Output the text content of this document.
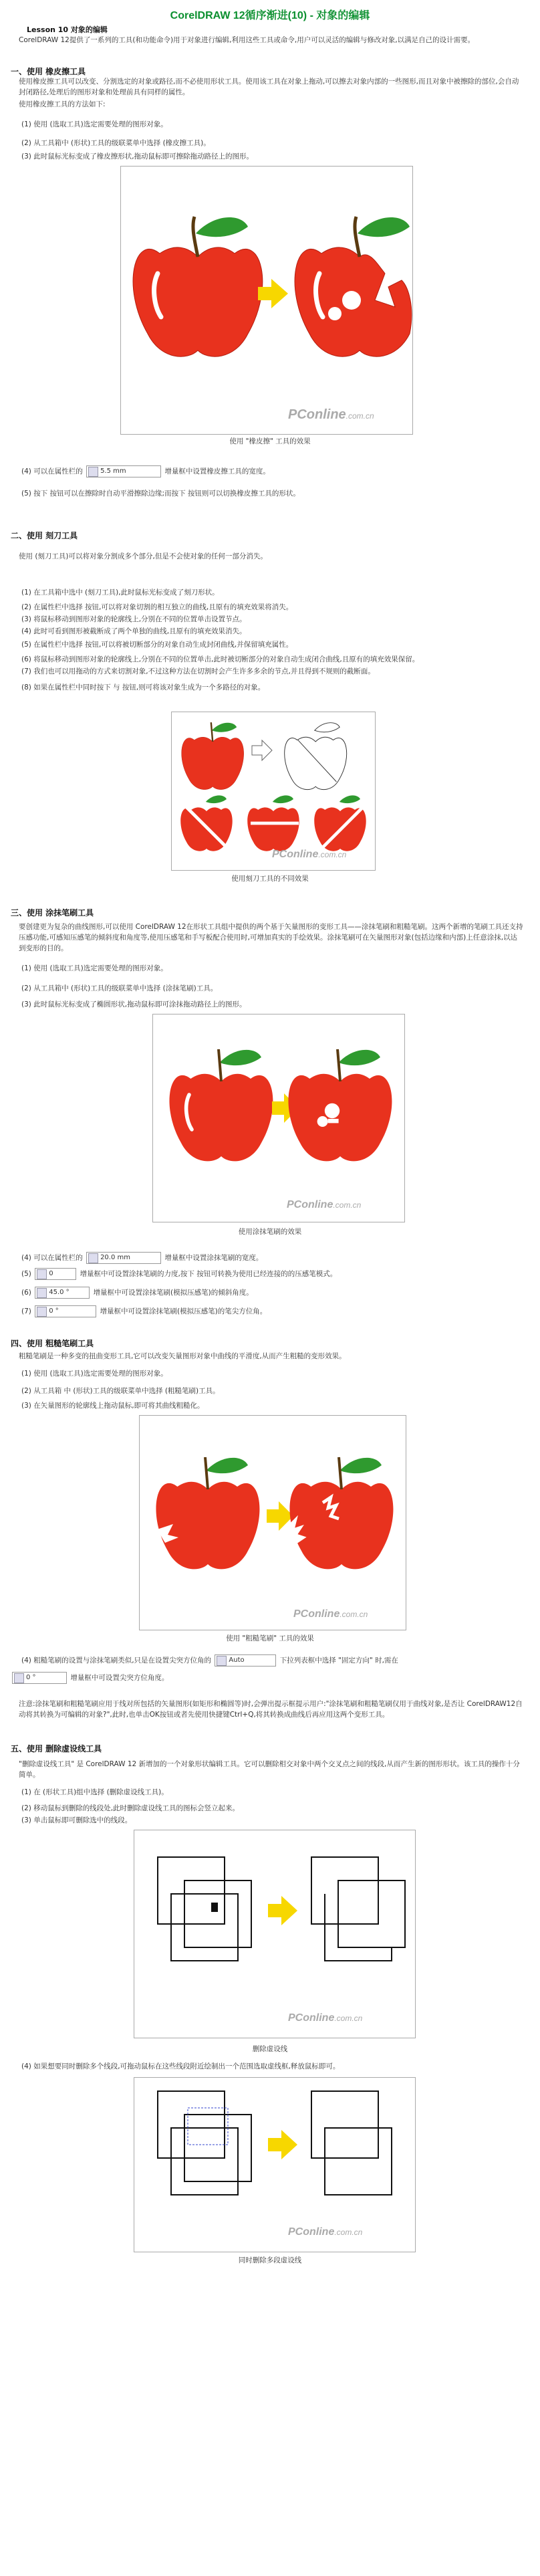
CorelDRAW 12循序渐进(10) - 对象的编辑
Lesson 10 对象的编辑
CorelDRAW 12提供了一系列的工具(和功能命令)用于对象进行编辑,利用这些工具或命令,用户可以灵活的编辑与修改对象,以满足自己的设计需要。
一、使用 橡皮擦工具
使用橡皮擦工具可以改变、分割选定的对象或路径,而不必使用形状工具。使用该工具在对象上拖动,可以擦去对象内部的一些图形,而且对象中被擦除的部位,会自动封闭路径,处理后的图形对象和处理前具有同样的属性。
使用橡皮擦工具的方法如下:
(1) 使用 (选取工具)选定需要处理的图形对象。
(2) 从工具箱中 (形状)工具的级联菜单中选择 (橡皮擦工具)。
(3) 此时鼠标光标变成了橡皮擦形状,拖动鼠标即可擦除拖动路径上的图形。
PConline.com.cn
使用 "橡皮擦" 工具的效果
(4) 可以在属性栏的	5.5 mm	增量框中设置橡皮擦工具的宽度。
(5) 按下 按钮可以在擦除时自动平滑擦除边缘;而按下 按钮则可以切换橡皮擦工具的形状。
二、使用 刻刀工具
使用 (刻刀工具)可以将对象分割成多个部分,但是不会使对象的任何一部分消失。
(1) 在工具箱中选中 (刻刀工具),此时鼠标光标变成了刻刀形状。
(2) 在属性栏中选择 按钮,可以将对象切割的相互独立的曲线,且原有的填充效果将消失。
(3) 将鼠标移动到图形对象的轮廓线上,分别在不同的位置单击设置节点。
(4) 此时可看到图形被截断成了两个单独的曲线,且原有的填充效果消失。
(5) 在属性栏中选择 按钮,可以将被切断部分的对象自动生成封闭曲线,并保留填充属性。
(6) 将鼠标移动到图形对象的轮廓线上,分别在不同的位置单击,此时被切断部分的对象自动生成闭合曲线,且原有的填充效果保留。
(7) 我们也可以用拖动的方式来切割对象,不过这种方法在切割时会产生许多多余的节点,并且得到不规则的截断面。
(8) 如果在属性栏中同时按下 与 按钮,则可将该对象生成为一个多路径的对象。
PConline.com.cn
使用刻刀工具的不同效果
三、使用 涂抹笔刷工具
要创建更为复杂的曲线图形,可以使用 CorelDRAW 12在形状工具组中提供的两个基于矢量图形的变形工具——涂抹笔刷和粗糙笔刷。这两个新增的笔刷工具还支持压感功能,可感知压感笔的倾斜度和角度等,使用压感笔和手写板配合使用时,可增加真实的手绘效果。涂抹笔刷可在矢量图形对象(包括边缘和内部)上任意涂抹,以达到变形的目的。
(1) 使用 (选取工具)选定需要处理的图形对象。
(2) 从工具箱中 (形状)工具的级联菜单中选择 (涂抹笔刷)工具。
(3) 此时鼠标光标变成了椭圆形状,拖动鼠标即可涂抹拖动路径上的图形。
PConline.com.cn
使用涂抹笔刷的效果
(4) 可以在属性栏的	20.0 mm	增量框中设置涂抹笔刷的宽度。
(5)	0	增量框中可设置涂抹笔刷的力度,按下 按钮可转换为使用已经连接的的压感笔模式。
(6)	45.0 °	增量框中可设置涂抹笔刷(模拟压感笔)的倾斜角度。
(7)	0 °	增量框中可设置涂抹笔刷(模拟压感笔)的笔尖方位角。
四、使用 粗糙笔刷工具
粗糙笔刷是一种多变的扭曲变形工具,它可以改变矢量图形对象中曲线的平滑度,从而产生粗糙的变形效果。
(1) 使用 (选取工具)选定需要处理的图形对象。
(2) 从工具箱 中 (形状)工具的级联菜单中选择 (粗糙笔刷)工具。
(3) 在矢量图形的轮廓线上拖动鼠标,即可将其曲线粗糙化。
PConline.com.cn
使用 "粗糙笔刷" 工具的效果
(4) 粗糙笔刷的设置与涂抹笔刷类似,只是在设置尖突方位角的	Auto	下拉列表框中选择 "固定方向" 时,需在
0 °	增量框中可设置尖突方位角度。
注意:涂抹笔刷和粗糙笔刷应用于线对所包括的矢量图形(如矩形和椭圆等)时,会弹出提示框提示用户:"涂抹笔刷和粗糙笔刷仅用于曲线对象,是否让 CorelDRAW12自动将其转换为可编辑的对象?",此时,也单击OK按钮或者先使用快捷键Ctrl+Q,将其转换成曲线后再应用这两个变形工具。
五、使用 删除虚设线工具
"删除虚设线工具" 是 CorelDRAW 12 新增加的一个对象形状编辑工具。它可以删除相交对象中两个交叉点之间的线段,从而产生新的图形形状。该工具的操作十分简单。
(1) 在 (形状工具)组中选择 (删除虚设线工具)。
(2) 移动鼠标到删除的线段处,此时删除虚设线工具的图标会竖立起来。
(3) 单击鼠标即可删除选中的线段。
PConline.com.cn
删除虚设线
(4) 如果想要同时删除多个线段,可拖动鼠标在这些线段附近绘制出一个范围选取虚线框,释放鼠标即可。
PConline.com.cn
同时删除多段虚设线
